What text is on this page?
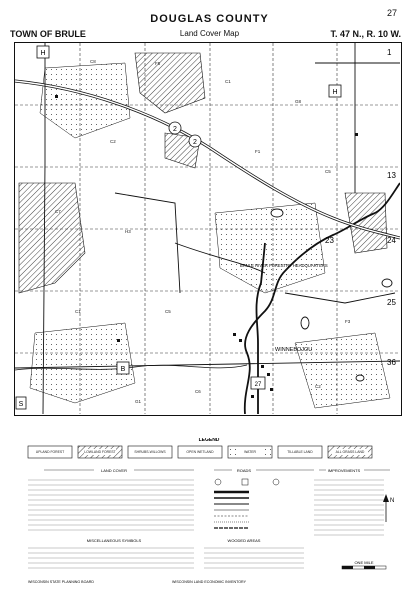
27
DOUGLAS COUNTY
TOWN OF BRULE	Land Cover Map	T. 47 N., R. 10 W.
H
2
2
27
H
B
S
1
13
23	24
25
36
BRULE RIVER FORESTRY HEADQUARTERS
WINNEBOJOU
C8	F5
C1
G8
C2
F1
C7
H3
C5
C5
C1
F3
C6
G1
C2
LEGEND
UPLAND FOREST	LOWLAND FOREST	SHRUBS-WILLOWS	OPEN WETLAND	WATER	TILLABLE LAND	ALL GRASS LAND
LAND COVER	ROADS	IMPROVEMENTS
MISCELLANEOUS SYMBOLS	WOODED AREAS
N
ONE MILE
WISCONSIN STATE PLANNING BOARD	WISCONSIN LAND ECONOMIC INVENTORY
